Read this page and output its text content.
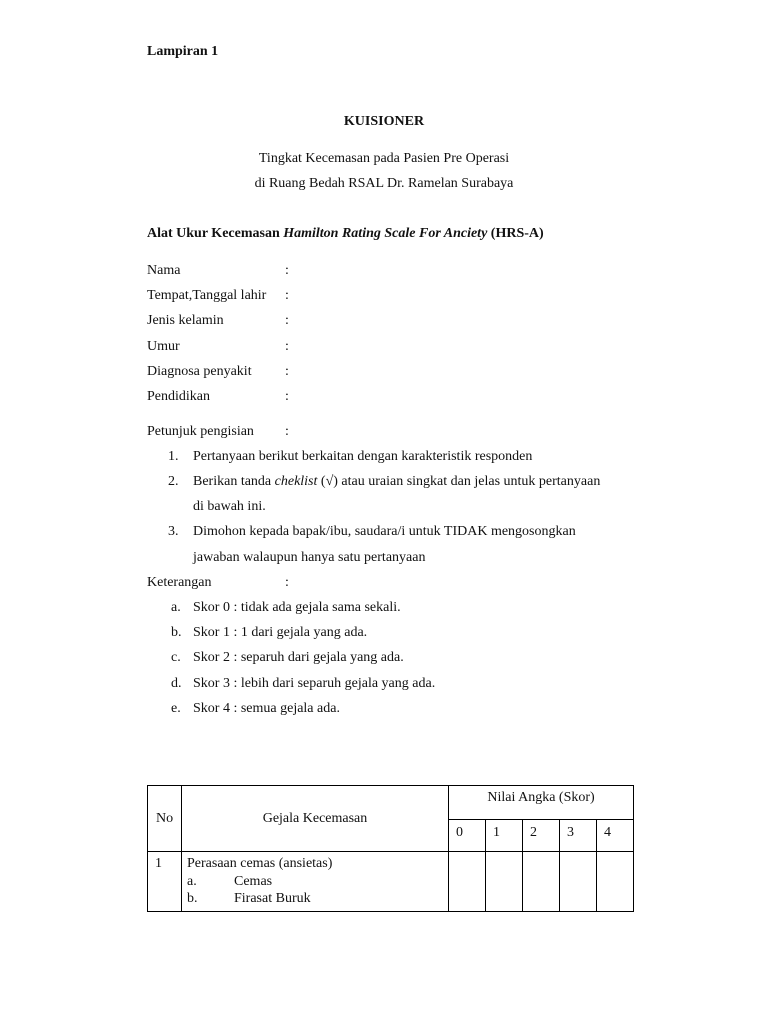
Lampiran 1
KUISIONER
Tingkat Kecemasan pada Pasien Pre Operasi
di Ruang Bedah RSAL Dr. Ramelan Surabaya
Alat Ukur Kecemasan Hamilton Rating Scale For Anciety (HRS-A)
Nama	:
Tempat,Tanggal lahir :
Jenis kelamin	:
Umur	:
Diagnosa penyakit :
Pendidikan	:
Petunjuk pengisian :
1. Pertanyaan berikut berkaitan dengan karakteristik responden
2. Berikan tanda cheklist (√) atau uraian singkat dan jelas untuk pertanyaan
di bawah ini.
3. Dimohon kepada bapak/ibu, saudara/i untuk TIDAK mengosongkan
jawaban walaupun hanya satu pertanyaan
Keterangan	:
a. Skor 0 : tidak ada gejala sama sekali.
b. Skor 1 : 1 dari gejala yang ada.
c. Skor 2 : separuh dari gejala yang ada.
d. Skor 3 : lebih dari separuh gejala yang ada.
e. Skor 4 : semua gejala ada.
No	Gejala Kecemasan	Nilai Angka (Skor)				
		0	1	2	3	4
1	Perasaan cemas (ansietas)
a. Cemas
b. Firasat Buruk					
